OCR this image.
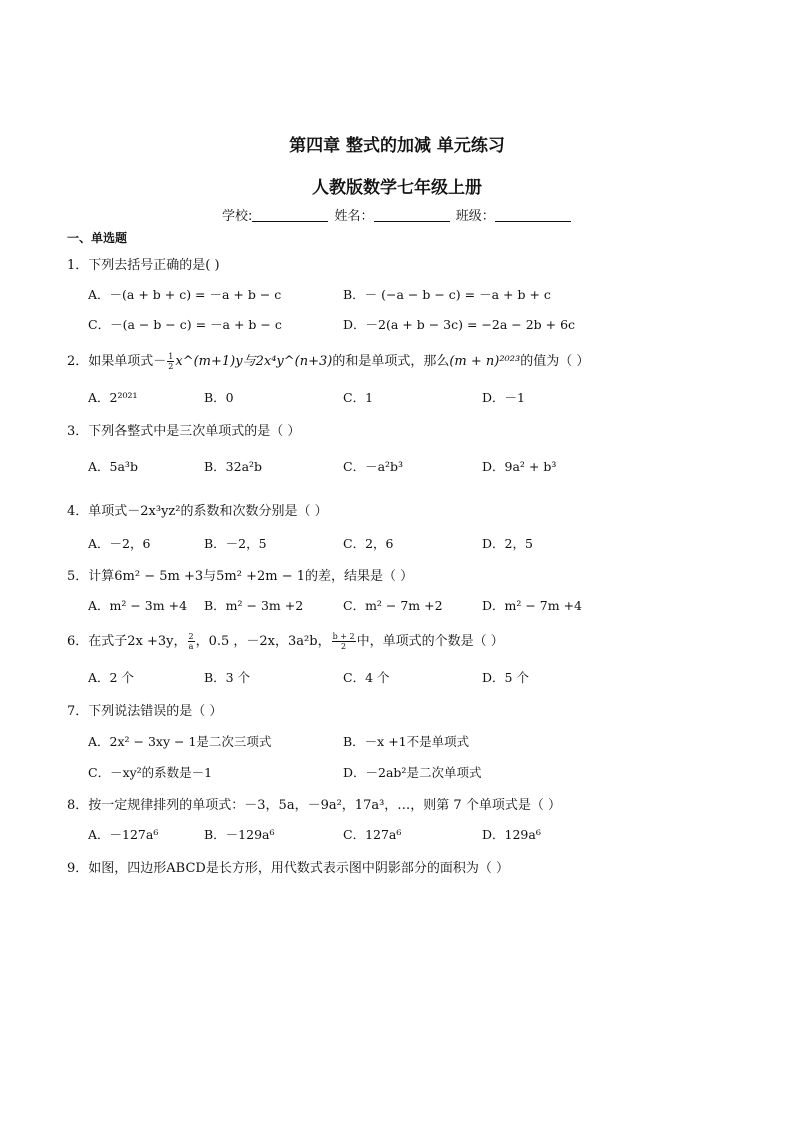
第四章 整式的加减 单元练习
人教版数学七年级上册
学校:	姓名：	班级：
一、单选题
1．下列去括号正确的是( )
A．－(a + b + c) = －a + b − c	B．－ (−a − b − c) = －a + b + c
C．－(a − b − c) = －a + b − c	D．－2(a + b − 3c) = −2a − 2b + 6c
2．如果单项式－ $\frac{1}{2}$ x^(m+1)y与2x⁴y^(n+3)的和是单项式，那么(m + n)²⁰²³的值为（ ）
A．2²⁰²¹	B．0	C．1	D．－1
3．下列各整式中是三次单项式的是（ ）
A．5a³b	B．32a²b	C．－a²b³	D．9a² + b³
4．单项式－2x³yz²的系数和次数分别是（ ）
A．－2，6	B．－2，5	C．2，6	D．2，5
5．计算6m² − 5m +3与5m² +2m − 1的差，结果是（ ）
A．m² − 3m +4 B．m² − 3m +2	C．m² − 7m +2	D．m² − 7m +4
6．在式子2x +3y， $\frac{2}{a}$ ，0.5 ，－2x，3a²b， $\frac{b + 2}{2}$ 中，单项式的个数是（ ）
A．2 个	B．3 个	C．4 个	D．5 个
7．下列说法错误的是（ ）
A．2x² − 3xy − 1是二次三项式	B．－x +1不是单项式
C．－xy²的系数是－1	D．－2ab²是二次单项式
8．按一定规律排列的单项式：－3，5a，－9a²，17a³，…，则第 7 个单项式是（ ）
A．－127a⁶	B．－129a⁶	C．127a⁶	D．129a⁶
9．如图，四边形ABCD是长方形，用代数式表示图中阴影部分的面积为（ ）
